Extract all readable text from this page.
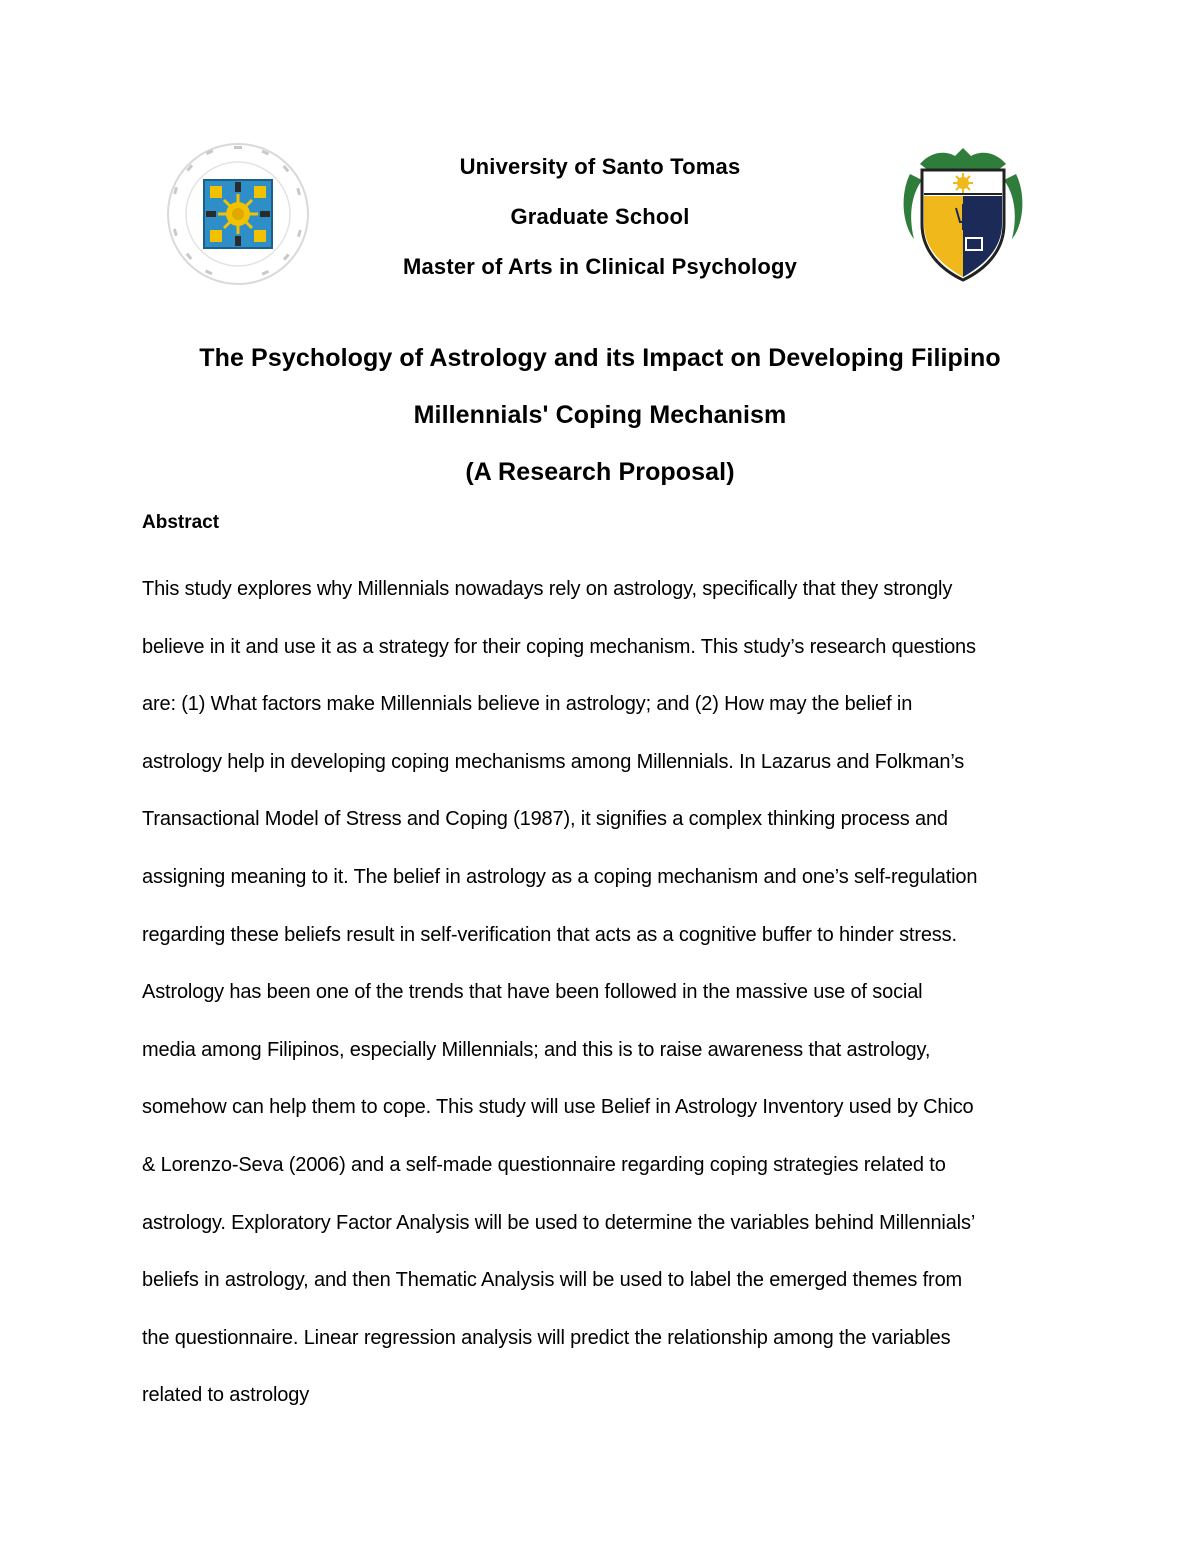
University of Santo Tomas
Graduate School
Master of Arts in Clinical Psychology
The Psychology of Astrology and its Impact on Developing Filipino
Millennials' Coping Mechanism
(A Research Proposal)
Abstract
This study explores why Millennials nowadays rely on astrology, specifically that they strongly
believe in it and use it as a strategy for their coping mechanism. This study’s research questions
are: (1) What factors make Millennials believe in astrology; and (2) How may the belief in
astrology help in developing coping mechanisms among Millennials. In Lazarus and Folkman’s
Transactional Model of Stress and Coping (1987), it signifies a complex thinking process and
assigning meaning to it. The belief in astrology as a coping mechanism and one’s self-regulation
regarding these beliefs result in self-verification that acts as a cognitive buffer to hinder stress.
Astrology has been one of the trends that have been followed in the massive use of social
media among Filipinos, especially Millennials; and this is to raise awareness that astrology,
somehow can help them to cope. This study will use Belief in Astrology Inventory used by Chico
& Lorenzo-Seva (2006) and a self-made questionnaire regarding coping strategies related to
astrology. Exploratory Factor Analysis will be used to determine the variables behind Millennials’
beliefs in astrology, and then Thematic Analysis will be used to label the emerged themes from
the questionnaire. Linear regression analysis will predict the relationship among the variables
related to astrology
